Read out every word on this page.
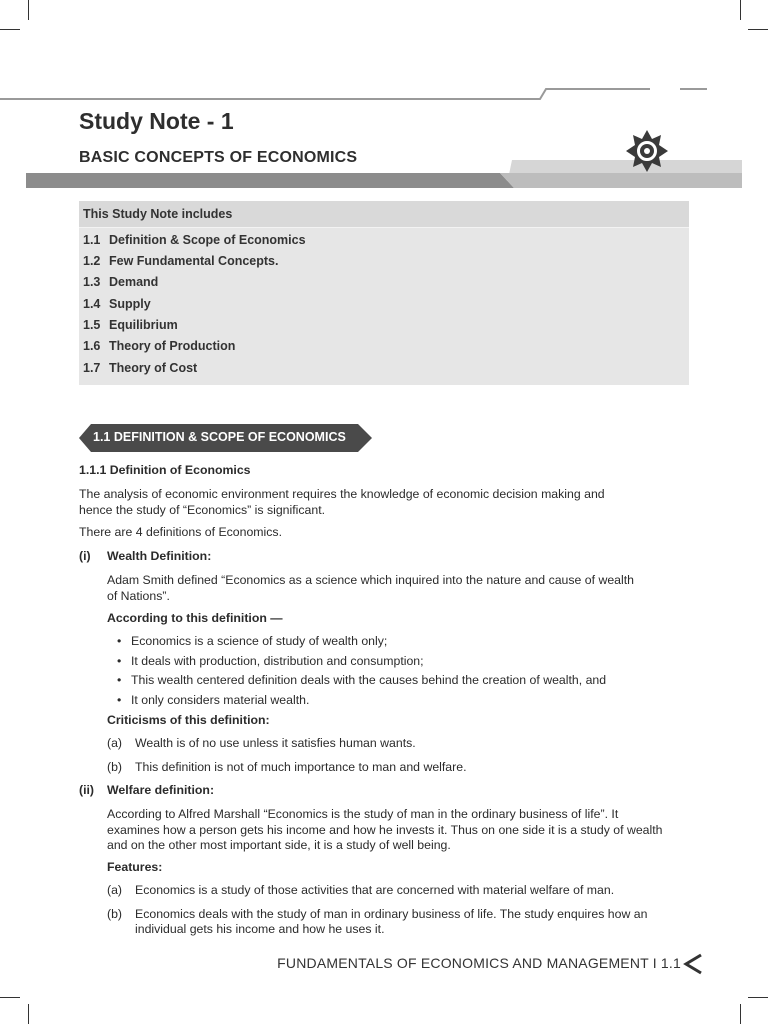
Study Note - 1
BASIC CONCEPTS OF ECONOMICS
This Study Note includes
1.1 Definition & Scope of Economics
1.2 Few Fundamental Concepts.
1.3 Demand
1.4 Supply
1.5 Equilibrium
1.6 Theory of Production
1.7 Theory of Cost
1.1 DEFINITION & SCOPE OF ECONOMICS
1.1.1 Definition of Economics
The analysis of economic environment requires the knowledge of economic decision making and
hence the study of “Economics” is significant.
There are 4 definitions of Economics.
(i) Wealth Definition:
Adam Smith defined “Economics as a science which inquired into the nature and cause of wealth
of Nations”.
According to this definition —
• Economics is a science of study of wealth only;
• It deals with production, distribution and consumption;
• This wealth centered definition deals with the causes behind the creation of wealth, and
• It only considers material wealth.
Criticisms of this definition:
(a) Wealth is of no use unless it satisfies human wants.
(b) This definition is not of much importance to man and welfare.
(ii) Welfare definition:
According to Alfred Marshall “Economics is the study of man in the ordinary business of life”. It
examines how a person gets his income and how he invests it. Thus on one side it is a study of wealth
and on the other most important side, it is a study of well being.
Features:
(a) Economics is a study of those activities that are concerned with material welfare of man.
(b) Economics deals with the study of man in ordinary business of life. The study enquires how an
individual gets his income and how he uses it.
FUNDAMENTALS OF ECONOMICS AND MANAGEMENT I 1.1
